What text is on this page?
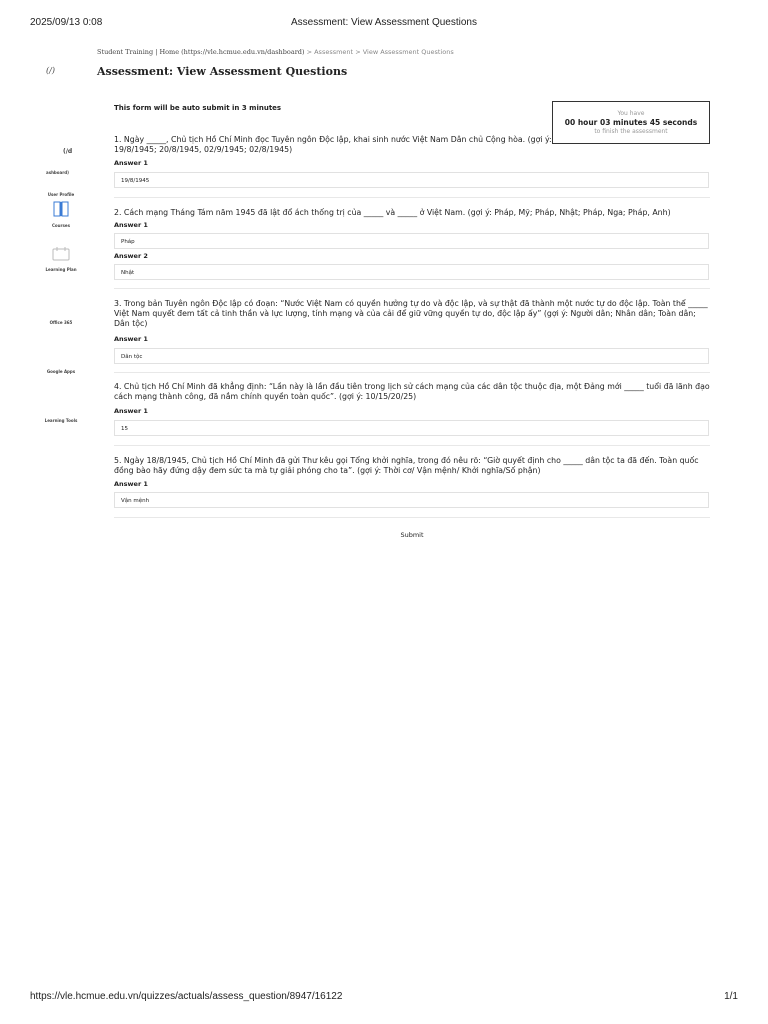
2025/09/13 0:08	Assessment: View Assessment Questions
(/)
(/d
ashboard)
User Profile
Courses
Learning Plan
Office 365
Google Apps
Learning Tools
Student Training | Home (https://vle.hcmue.edu.vn/dashboard) > Assessment > View Assessment Questions
Assessment: View Assessment Questions
This form will be auto submit in 3 minutes
You have
00 hour 03 minutes 45 seconds
to finish the assessment
1. Ngày _____, Chủ tịch Hồ Chí Minh đọc Tuyên ngôn Độc lập, khai sinh nước Việt Nam Dân chủ Cộng hòa. (gợi ý: 19/8/1945; 20/8/1945, 02/9/1945; 02/8/1945)
Answer 1
19/8/1945
2. Cách mạng Tháng Tám năm 1945 đã lật đổ ách thống trị của _____ và _____ ở Việt Nam. (gợi ý: Pháp, Mỹ; Pháp, Nhật; Pháp, Nga; Pháp, Anh)
Answer 1
Pháp
Answer 2
Nhật
3. Trong bản Tuyên ngôn Độc lập có đoạn: “Nước Việt Nam có quyền hưởng tự do và độc lập, và sự thật đã thành một nước tự do độc lập. Toàn thể _____ Việt Nam quyết đem tất cả tinh thần và lực lượng, tính mạng và của cải để giữ vững quyền tự do, độc lập ấy” (gợi ý: Người dân; Nhân dân; Toàn dân; Dân tộc)
Answer 1
Dân tộc
4. Chủ tịch Hồ Chí Minh đã khẳng định: “Lần này là lần đầu tiên trong lịch sử cách mạng của các dân tộc thuộc địa, một Đảng mới _____ tuổi đã lãnh đạo cách mạng thành công, đã nắm chính quyền toàn quốc”. (gợi ý: 10/15/20/25)
Answer 1
15
5. Ngày 18/8/1945, Chủ tịch Hồ Chí Minh đã gửi Thư kêu gọi Tổng khởi nghĩa, trong đó nêu rõ: “Giờ quyết định cho _____ dân tộc ta đã đến. Toàn quốc đồng bào hãy đứng dậy đem sức ta mà tự giải phóng cho ta”. (gợi ý: Thời cơ/ Vận mệnh/ Khởi nghĩa/Số phận)
Answer 1
Vận mệnh
Submit
https://vle.hcmue.edu.vn/quizzes/actuals/assess_question/8947/16122	1/1
